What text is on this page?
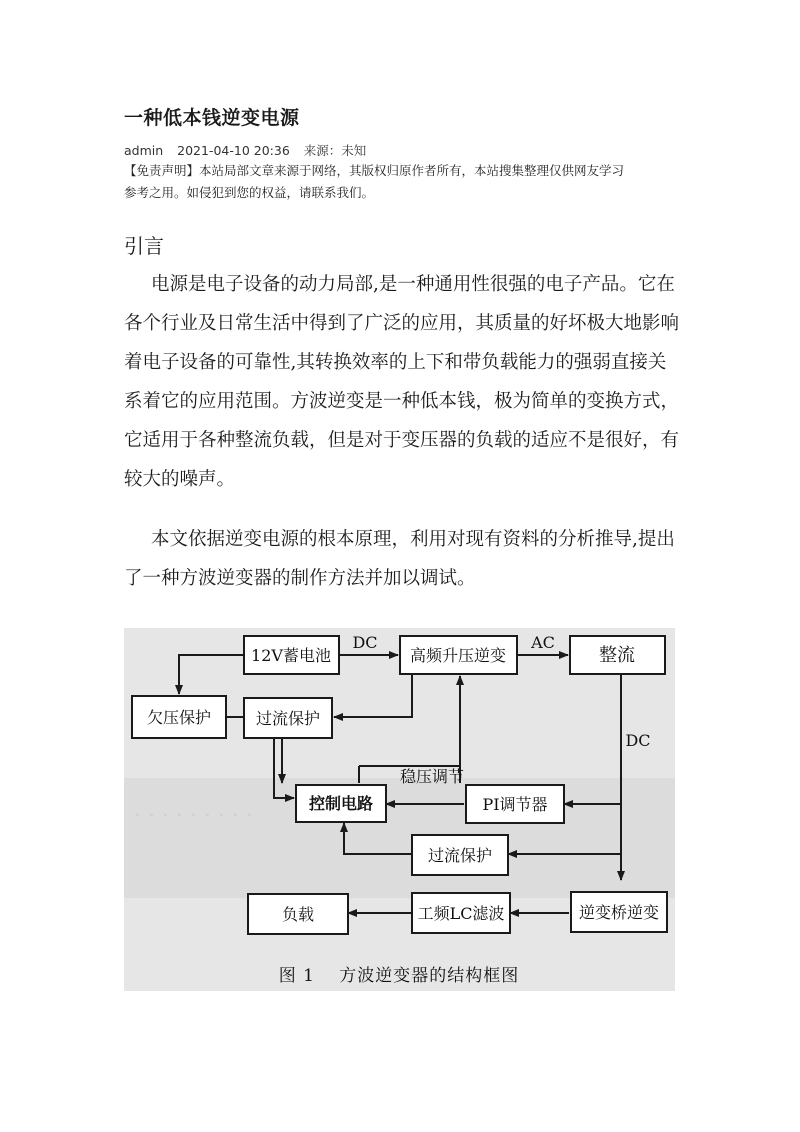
一种低本钱逆变电源
admin 2021-04-10 20:36 来源：未知

【免责声明】本站局部文章来源于网络，其版权归原作者所有，本站搜集整理仅供网友学习

参考之用。如侵犯到您的权益，请联系我们。

引言
电源是电子设备的动力局部,是一种通用性很强的电子产品。它在
各个行业及日常生活中得到了广泛的应用，其质量的好坏极大地影响
着电子设备的可靠性,其转换效率的上下和带负载能力的强弱直接关
系着它的应用范围。方波逆变是一种低本钱，极为简单的变换方式，
它适用于各种整流负载，但是对于变压器的负载的适应不是很好，有
较大的噪声。
本文依据逆变电源的根本原理，利用对现有资料的分析推导,提出
了一种方波逆变器的制作方法并加以调试。
· · · · · · · · ·
12V蓄电池	高频升压逆变	整流
欠压保护	过流保护
控制电路	PI调节器
过流保护
逆变桥逆变
工频LC滤波
负载
DC	AC
DC
稳压调节
图 1　 方波逆变器的结构框图
